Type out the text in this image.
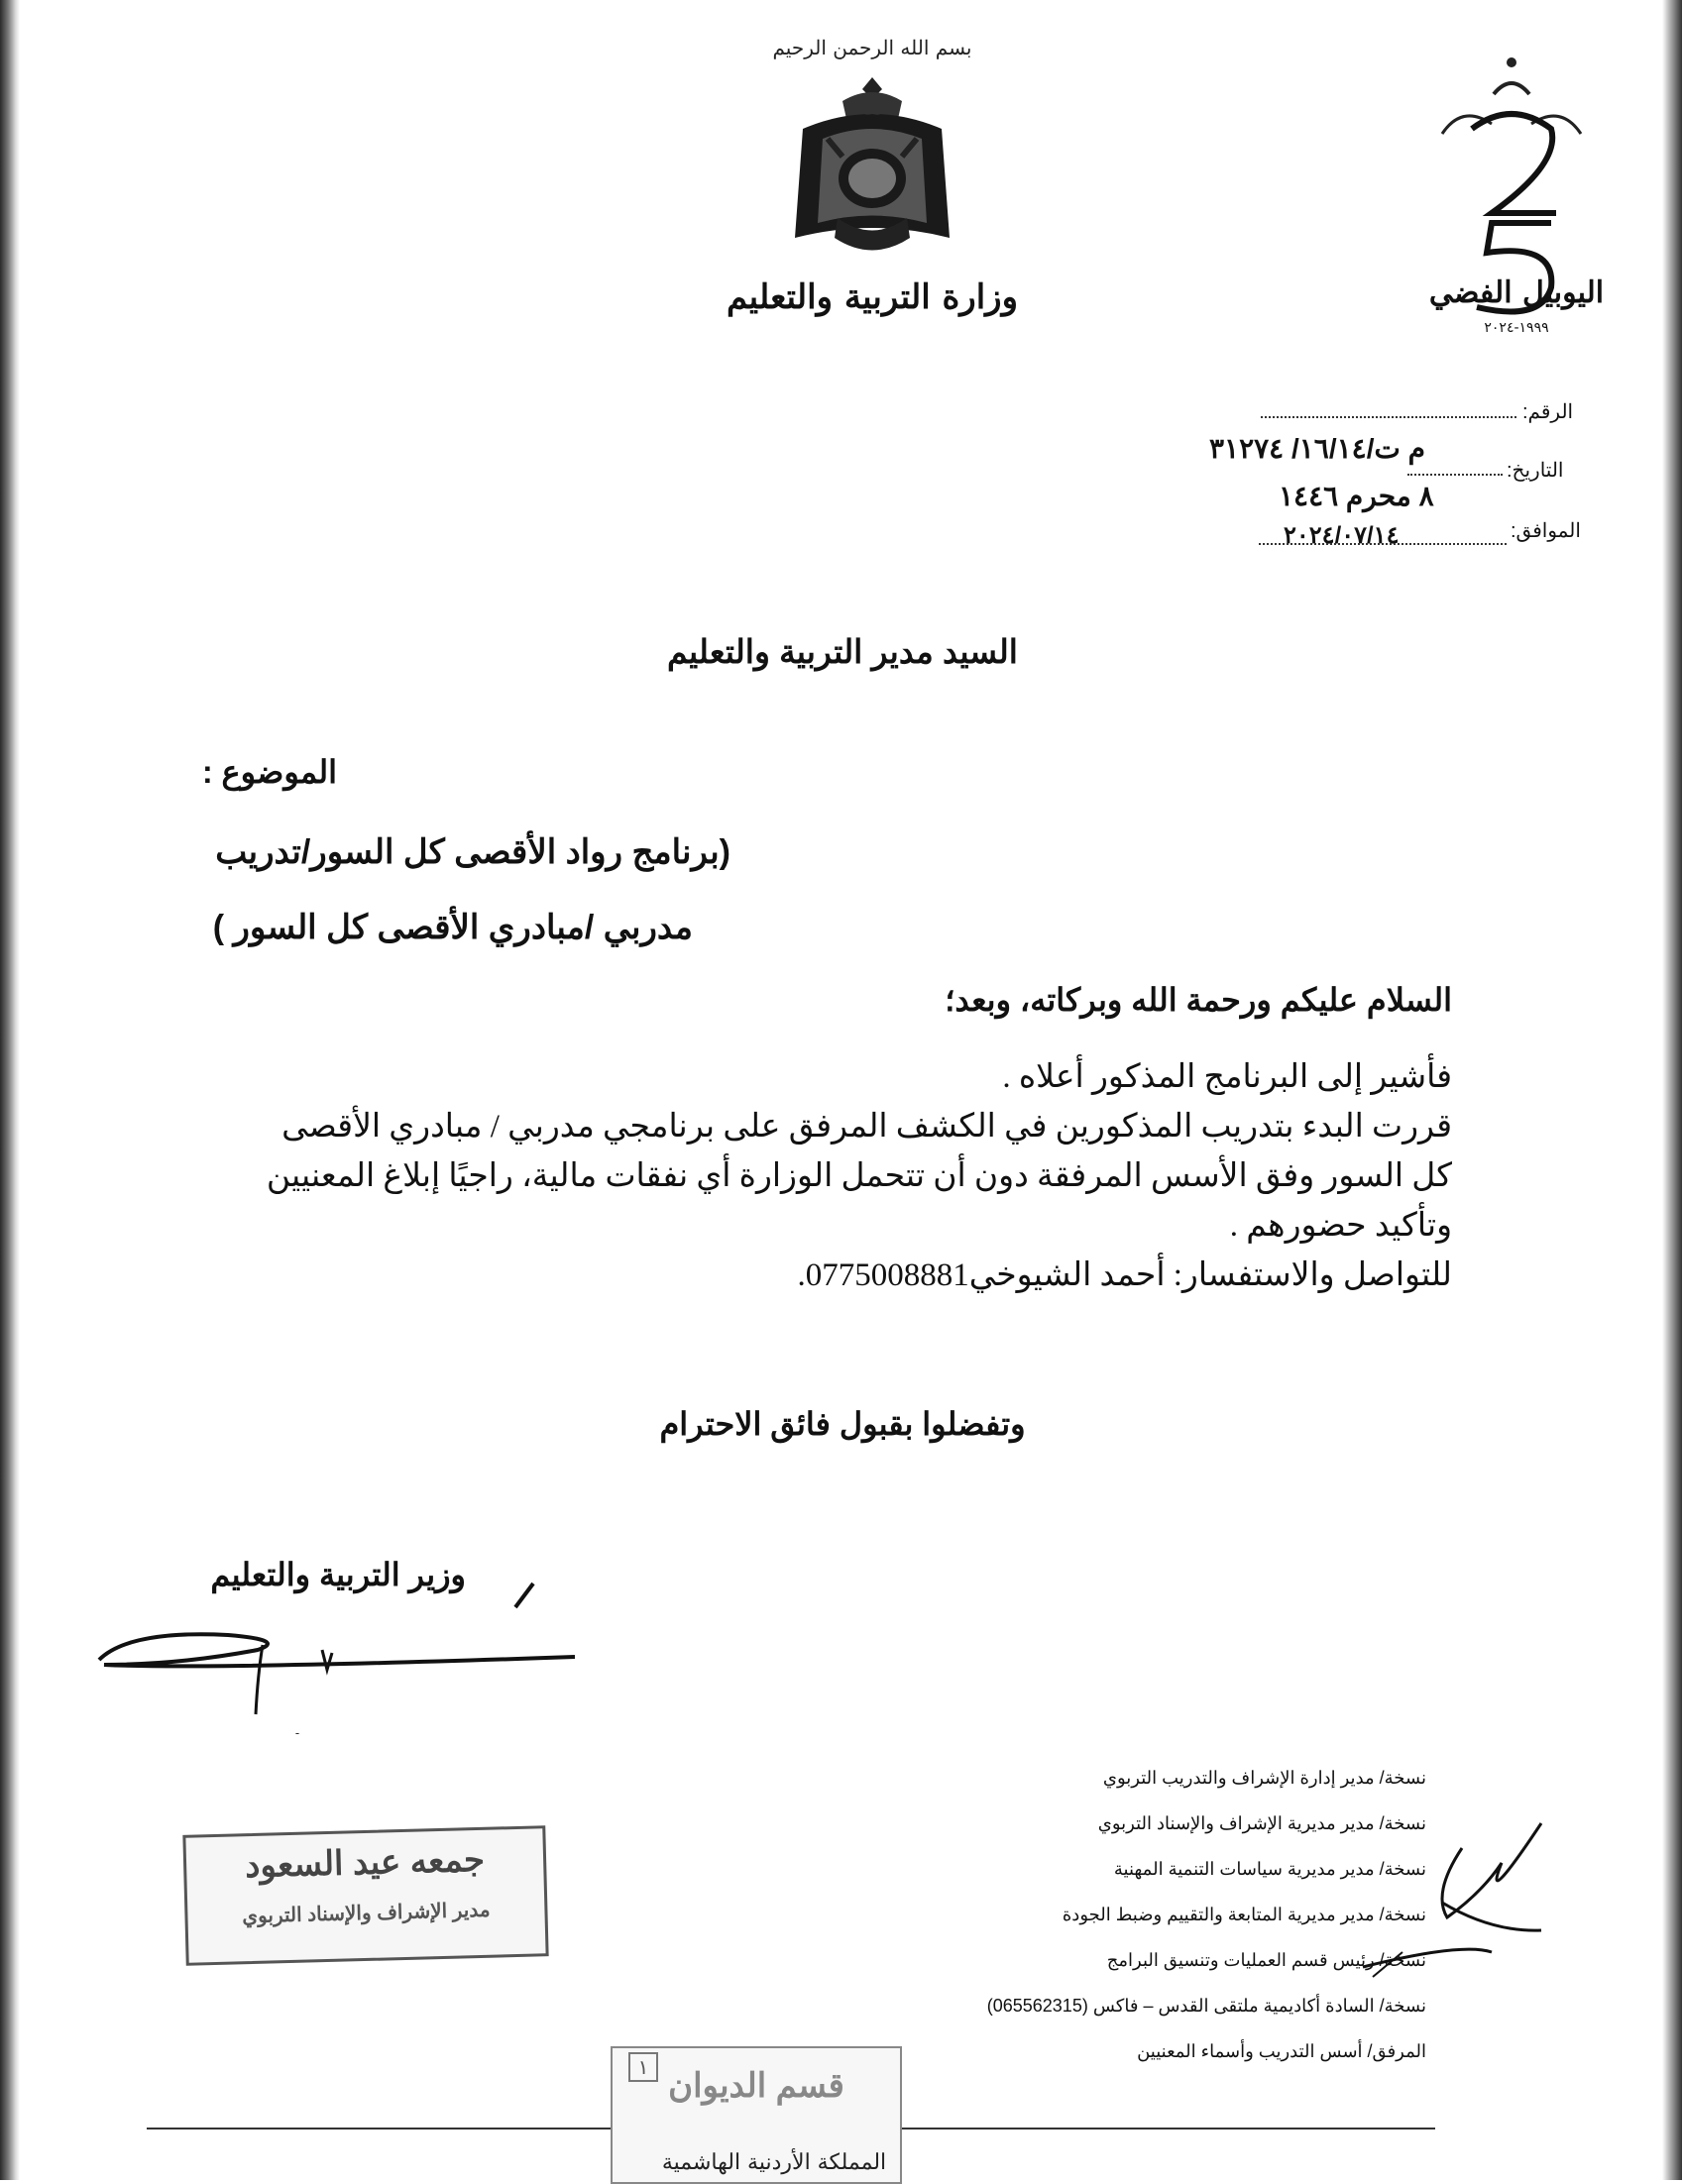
بسم الله الرحمن الرحيم
وزارة التربية والتعليم	اليوبيل الفضي
١٩٩٩-٢٠٢٤
الرقم:
م ت/١٦/١٤/ ٣١٢٧٤
التاريخ:
٨ محرم ١٤٤٦
الموافق:
٢٠٢٤/٠٧/١٤
السيد مدير التربية والتعليم
الموضوع :
(برنامج رواد الأقصى كل السور/تدريب
مدربي /مبادري الأقصى كل السور )
السلام عليكم ورحمة الله وبركاته، وبعد؛
فأشير إلى البرنامج المذكور أعلاه .
قررت البدء بتدريب المذكورين في الكشف المرفق على برنامجي مدربي / مبادري الأقصى
كل السور وفق الأسس المرفقة دون أن تتحمل الوزارة أي نفقات مالية، راجيًا إبلاغ المعنيين
وتأكيد حضورهم .
للتواصل والاستفسار: أحمد الشيوخي0775008881.
وتفضلوا بقبول فائق الاحترام
وزير التربية والتعليم
جمعه عيد السعود
مدير الإشراف والإسناد التربوي
نسخة/ مدير إدارة الإشراف والتدريب التربوي
نسخة/ مدير مديرية الإشراف والإسناد التربوي
نسخة/ مدير مديرية سياسات التنمية المهنية
نسخة/ مدير مديرية المتابعة والتقييم وضبط الجودة
نسخة/ رئيس قسم العمليات وتنسيق البرامج
نسخة/ السادة أكاديمية ملتقى القدس – فاكس (065562315)
المرفق/ أسس التدريب وأسماء المعنيين
١ قسم الديوان
المملكة الأردنية الهاشمية
